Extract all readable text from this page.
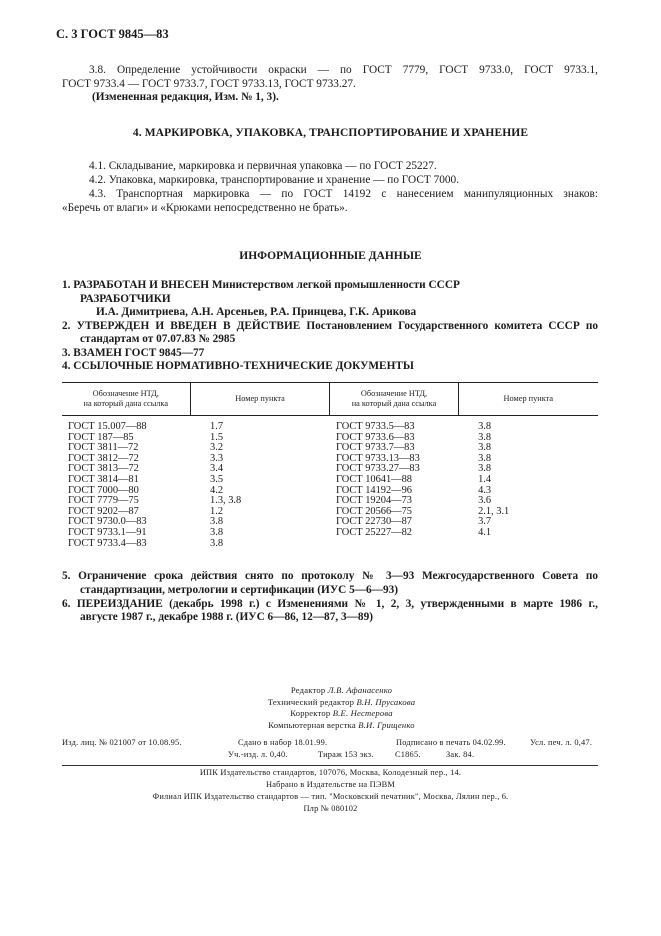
С. 3 ГОСТ 9845—83
3.8. Определение устойчивости окраски — по ГОСТ 7779, ГОСТ 9733.0, ГОСТ 9733.1,
ГОСТ 9733.4 — ГОСТ 9733.7, ГОСТ 9733.13, ГОСТ 9733.27.
(Измененная редакция, Изм. № 1, 3).
4. МАРКИРОВКА, УПАКОВКА, ТРАНСПОРТИРОВАНИЕ И ХРАНЕНИЕ
4.1. Складывание, маркировка и первичная упаковка — по ГОСТ 25227.
4.2. Упаковка, маркировка, транспортирование и хранение — по ГОСТ 7000.
4.3. Транспортная маркировка — по ГОСТ 14192 с нанесением манипуляционных знаков:
«Беречь от влаги» и «Крюками непосредственно не брать».
ИНФОРМАЦИОННЫЕ ДАННЫЕ
1. РАЗРАБОТАН И ВНЕСЕН Министерством легкой промышленности СССР
РАЗРАБОТЧИКИ
И.А. Димитриева, А.Н. Арсеньев, Р.А. Принцева, Г.К. Арикова
2. УТВЕРЖДЕН И ВВЕДЕН В ДЕЙСТВИЕ Постановлением Государственного комитета СССР по
стандартам от 07.07.83 № 2985
3. ВЗАМЕН ГОСТ 9845—77
4. ССЫЛОЧНЫЕ НОРМАТИВНО-ТЕХНИЧЕСКИЕ ДОКУМЕНТЫ
Обозначение НТД,
на который дана ссылка	Номер пункта	Обозначение НТД,
на который дана ссылка	Номер пункта
ГОСТ 15.007—88	1.7	ГОСТ 9733.5—83	3.8
ГОСТ 187—85	1.5	ГОСТ 9733.6—83	3.8
ГОСТ 3811—72	3.2	ГОСТ 9733.7—83	3.8
ГОСТ 3812—72	3.3	ГОСТ 9733.13—83	3.8
ГОСТ 3813—72	3.4	ГОСТ 9733.27—83	3.8
ГОСТ 3814—81	3.5	ГОСТ 10641—88	1.4
ГОСТ 7000—80	4.2	ГОСТ 14192—96	4.3
ГОСТ 7779—75	1.3, 3.8	ГОСТ 19204—73	3.6
ГОСТ 9202—87	1.2	ГОСТ 20566—75	2.1, 3.1
ГОСТ 9730.0—83	3.8	ГОСТ 22730—87	3.7
ГОСТ 9733.1—91	3.8	ГОСТ 25227—82	4.1
ГОСТ 9733.4—83	3.8		
5. Ограничение срока действия снято по протоколу № 3—93 Межгосударственного Совета по
стандартизации, метрологии и сертификации (ИУС 5—6—93)
6. ПЕРЕИЗДАНИЕ (декабрь 1998 г.) с Изменениями № 1, 2, 3, утвержденными в марте 1986 г.,
августе 1987 г., декабре 1988 г. (ИУС 6—86, 12—87, 3—89)
Редактор Л.В. Афанасенко
Технический редактор В.Н. Прусакова
Корректор В.Е. Нестерова
Компьютерная верстка В.И. Грищенко
Изд. лиц. № 021007 от 10.08.95.	Сдано в набор 18.01.99.	Подписано в печать 04.02.99.	Усл. печ. л. 0,47.
Уч.-изд. л. 0,40.	Тираж 153 экз.	С1865.	Зак. 84.
ИПК Издательство стандартов, 107076, Москва, Колодезный пер., 14.
Набрано в Издательстве на ПЭВМ
Филиал ИПК Издательство стандартов — тип. "Московский печатник", Москва, Лялин пер., 6.
Плр № 080102
